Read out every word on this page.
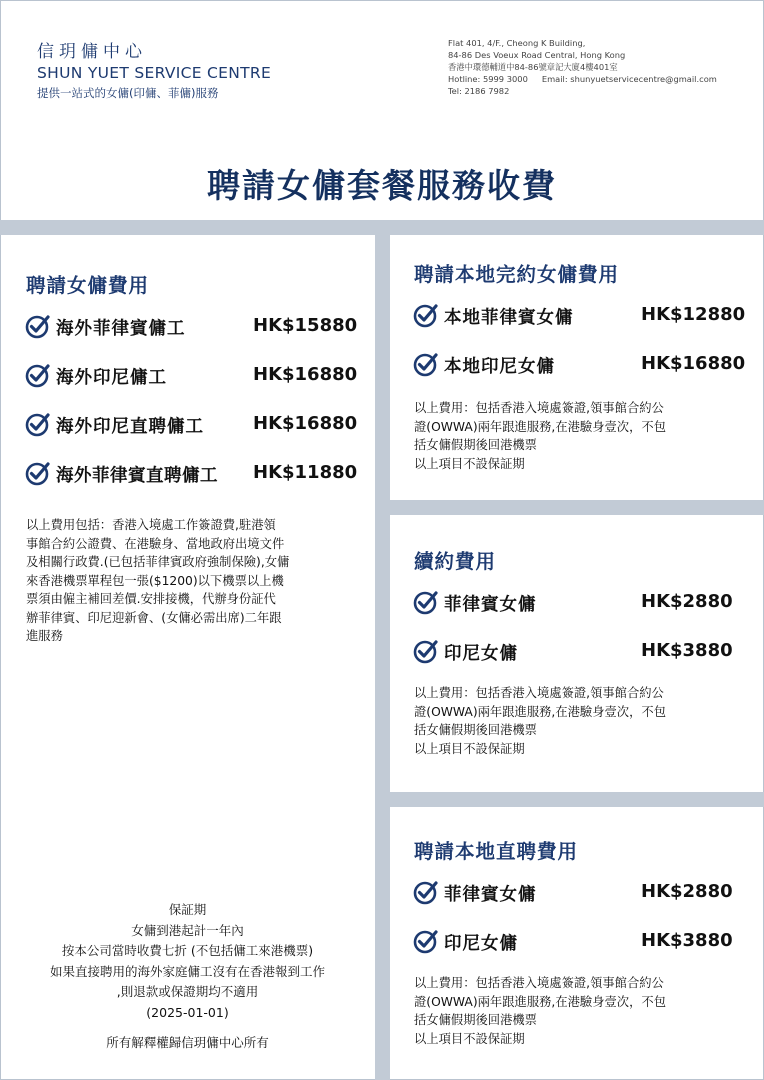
信玥傭中心
SHUN YUET SERVICE CENTRE
提供一站式的女傭(印傭、菲傭)服務
Flat 401, 4/F., Cheong K Building,
84-86 Des Voeux Road Central, Hong Kong
香港中環德輔道中84-86號章記大廈4樓401室
Hotline: 5999 3000 Email: shunyuetservicecentre@gmail.com
Tel: 2186 7982
聘請女傭套餐服務收費
聘請女傭費用
海外菲律賓傭工	HK$15880
海外印尼傭工	HK$16880
海外印尼直聘傭工	HK$16880
海外菲律賓直聘傭工 HK$11880

以上費用包括：香港入境處工作簽證費,駐港領

事館合約公證費、在港驗身、當地政府出境文件

及相關行政費.(已包括菲律賓政府強制保險),女傭

來香港機票單程包一張($1200)以下機票以上機

票須由僱主補回差價.安排接機，代辦身份証代

辦菲律賓、印尼迎新會、(女傭必需出席)二年跟

進服務

保証期

女傭到港起計一年內

按本公司當時收費七折 (不包括傭工來港機票)

如果直接聘用的海外家庭傭工沒有在香港報到工作

,則退款或保證期均不適用

(2025-01-01)

所有解釋權歸信玥傭中心所有

聘請本地完約女傭費用
本地菲律賓女傭	HK$12880
本地印尼女傭	HK$16880

以上費用：包括香港入境處簽證,領事館合約公

證(OWWA)兩年跟進服務,在港驗身壹次，不包

括女傭假期後回港機票

以上項目不設保証期

續約費用
菲律賓女傭	HK$2880
印尼女傭	HK$3880

以上費用：包括香港入境處簽證,領事館合約公

證(OWWA)兩年跟進服務,在港驗身壹次，不包

括女傭假期後回港機票

以上項目不設保証期

聘請本地直聘費用
菲律賓女傭	HK$2880
印尼女傭	HK$3880

以上費用：包括香港入境處簽證,領事館合約公

證(OWWA)兩年跟進服務,在港驗身壹次，不包

括女傭假期後回港機票

以上項目不設保証期
